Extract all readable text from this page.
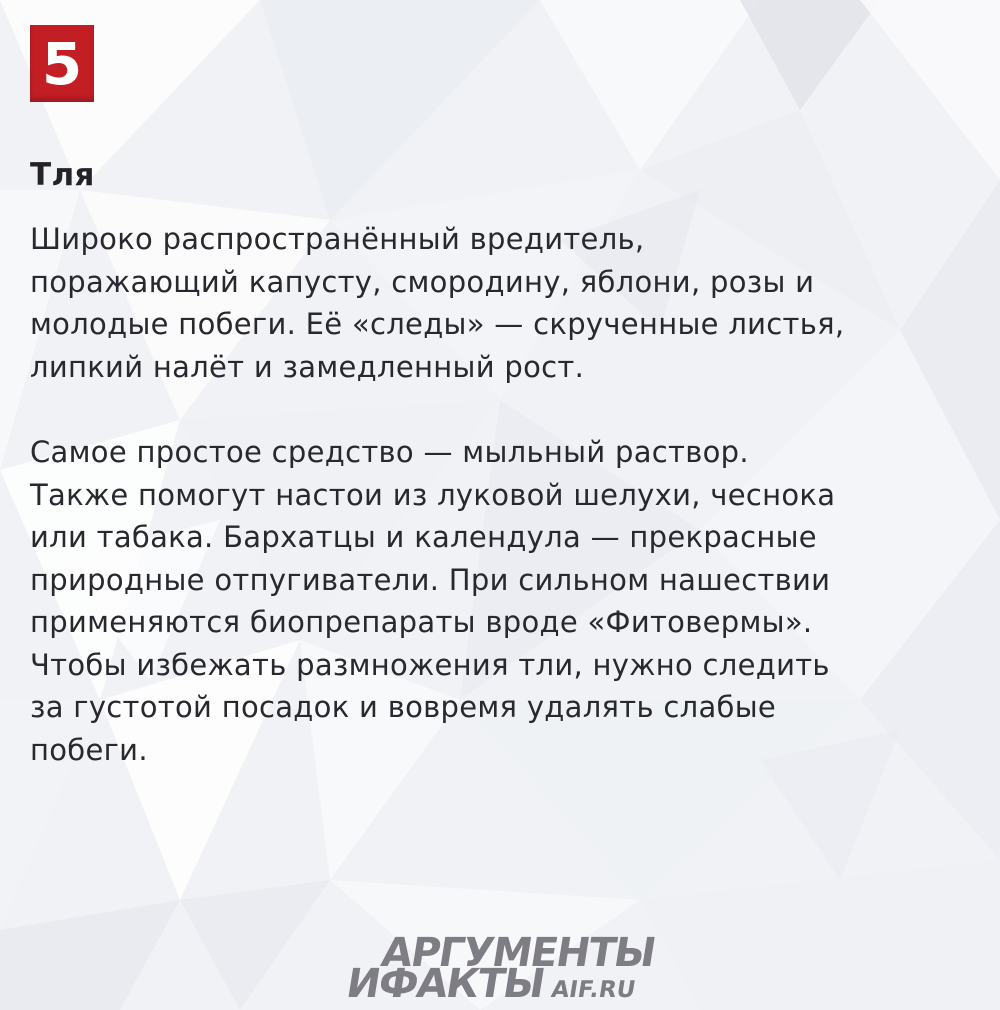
5
Тля
Широко распространённый вредитель,
поражающий капусту, смородину, яблони, розы и
молодые побеги. Её «следы» — скрученные листья,
липкий налёт и замедленный рост.
Самое простое средство — мыльный раствор.
Также помогут настои из луковой шелухи, чеснока
или табака. Бархатцы и календула — прекрасные
природные отпугиватели. При сильном нашествии
применяются биопрепараты вроде «Фитовермы».
Чтобы избежать размножения тли, нужно следить
за густотой посадок и вовремя удалять слабые
побеги.
АРГУМЕНТЫ
ИФАКТЫ AIF.RU
